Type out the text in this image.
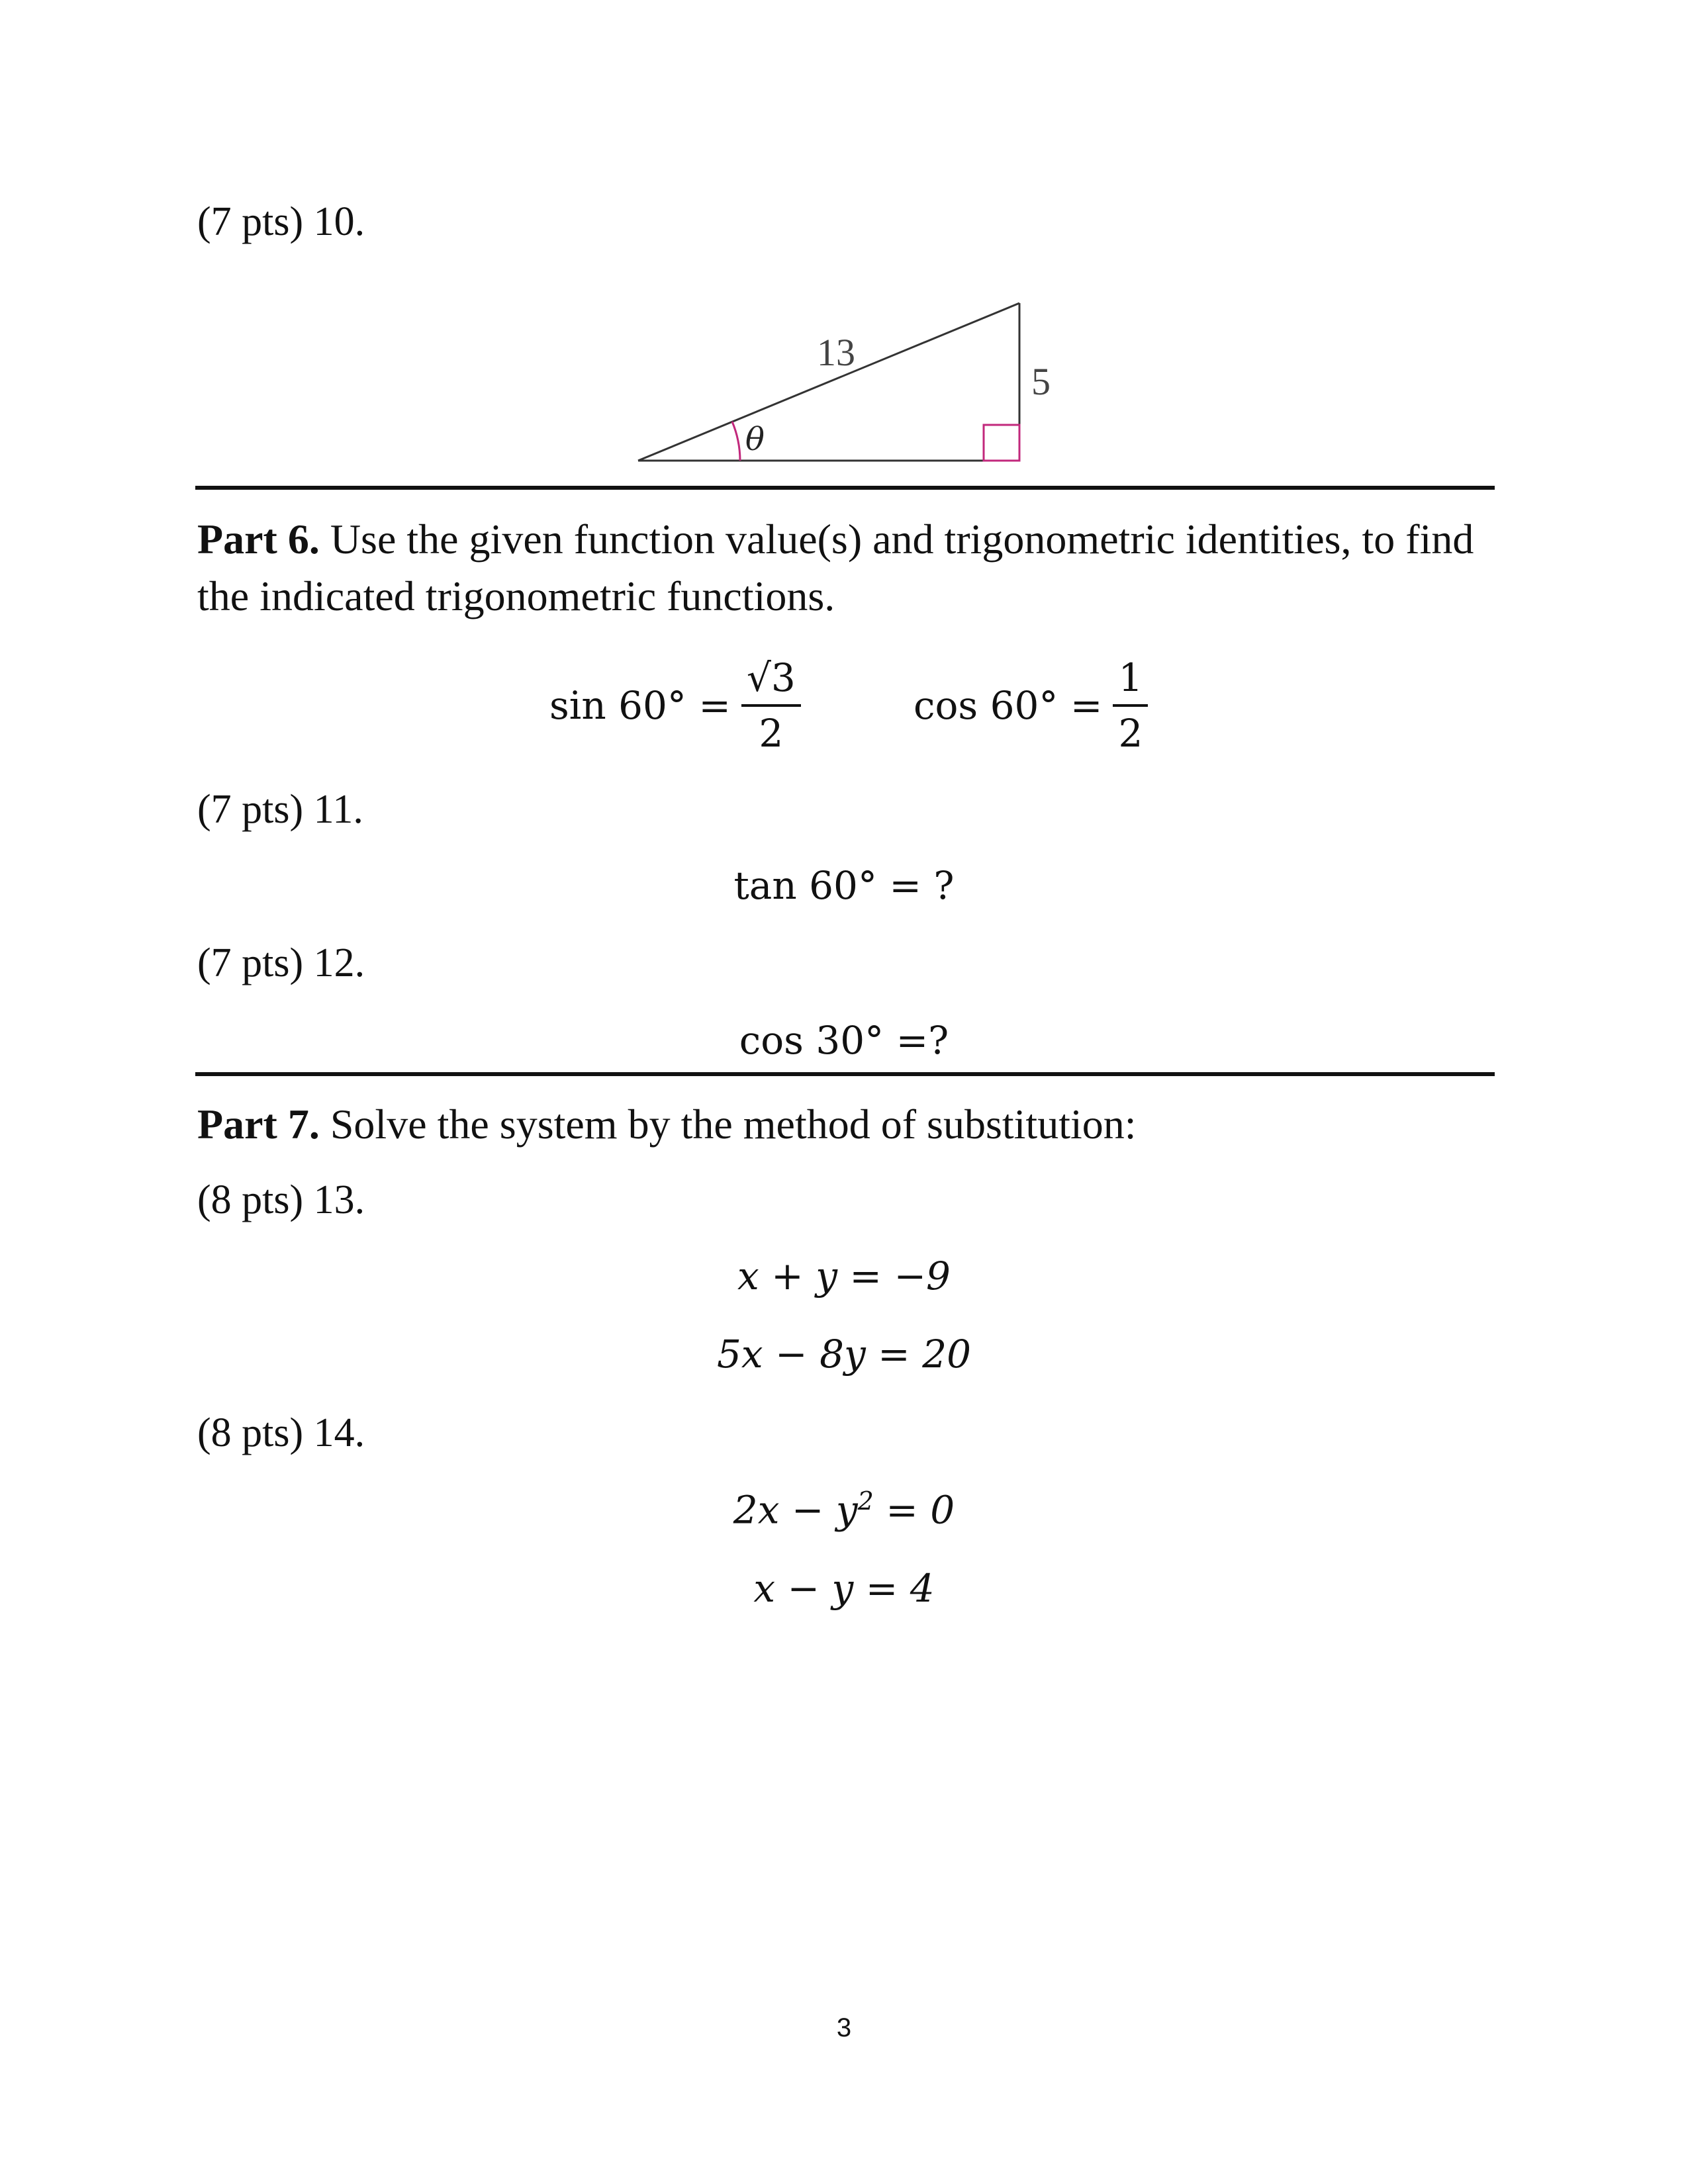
(7 pts) 10.
13
5
θ
Part 6. Use the given function value(s) and trigonometric identities, to find the indicated trigonometric functions.
$\sin 60^\circ = \frac{√3}{2}$	$\cos 60^\circ = \frac{1}{2}$
(7 pts) 11.
tan 60° = ?
(7 pts) 12.
cos 30° =?
Part 7. Solve the system by the method of substitution:
(8 pts) 13.
x + y = −9
5x − 8y = 20
(8 pts) 14.
$2x - y^2 = 0$
x − y = 4
3
